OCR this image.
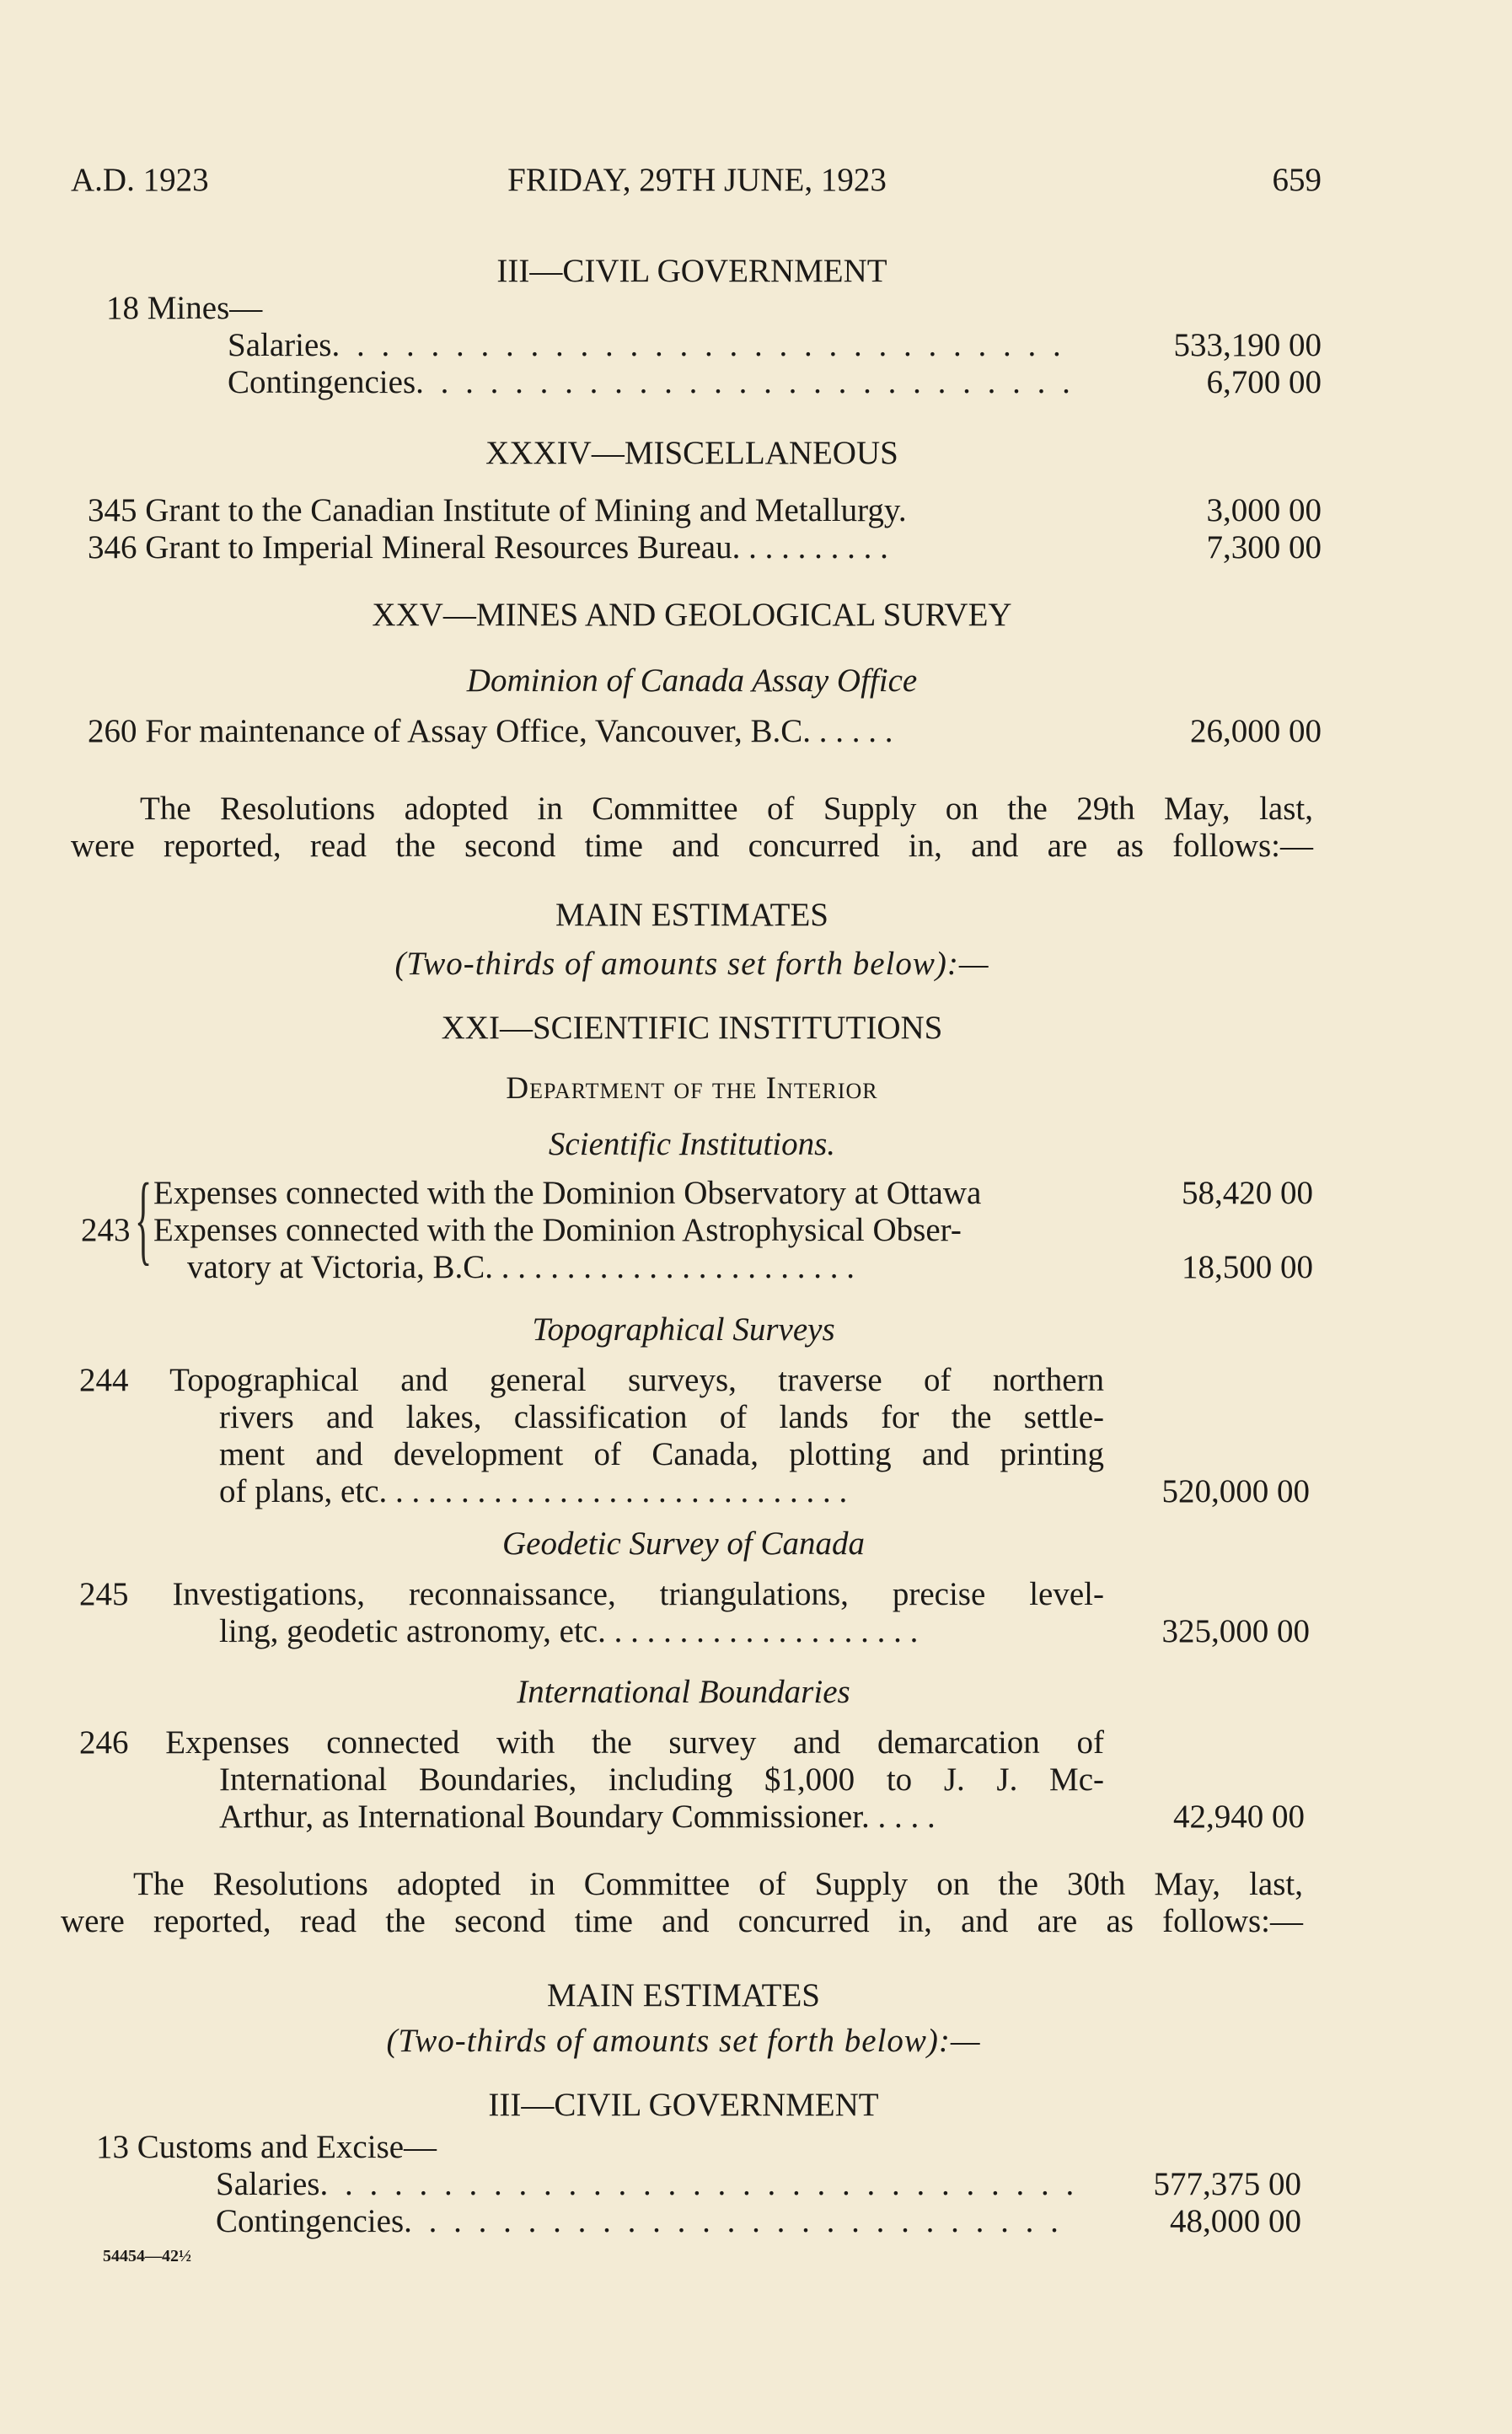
A.D. 1923	FRIDAY, 29TH JUNE, 1923	659
III—CIVIL GOVERNMENT
18 Mines—
Salaries. . . . . . . . . . . . . . . . . . . . . . . . . . . . . .	533,190 00
Contingencies. . . . . . . . . . . . . . . . . . . . . . . . . . .	6,700 00
XXXIV—MISCELLANEOUS
345 Grant to the Canadian Institute of Mining and Metallurgy.	3,000 00
346 Grant to Imperial Mineral Resources Bureau. . . . . . . . . .	7,300 00
XXV—MINES AND GEOLOGICAL SURVEY
Dominion of Canada Assay Office
260 For maintenance of Assay Office, Vancouver, B.C. . . . . .	26,000 00
The Resolutions adopted in Committee of Supply on the 29th May, last,
were reported, read the second time and concurred in, and are as follows:—
MAIN ESTIMATES
(Two-thirds of amounts set forth below):—
XXI—SCIENTIFIC INSTITUTIONS
Department of the Interior
Scientific Institutions.
{
243
Expenses connected with the Dominion Observatory at Ottawa	58,420 00
Expenses connected with the Dominion Astrophysical Obser-
vatory at Victoria, B.C. . . . . . . . . . . . . . . . . . . . . . .	18,500 00
Topographical Surveys
244 Topographical and general surveys, traverse of northern
rivers and lakes, classification of lands for the settle-
ment and development of Canada, plotting and printing
of plans, etc. . . . . . . . . . . . . . . . . . . . . . . . . . . . .	520,000 00
Geodetic Survey of Canada
245 Investigations, reconnaissance, triangulations, precise level-
ling, geodetic astronomy, etc. . . . . . . . . . . . . . . . . . . .	325,000 00
International Boundaries
246 Expenses connected with the survey and demarcation of
International Boundaries, including $1,000 to J. J. Mc-
Arthur, as International Boundary Commissioner. . . . .	42,940 00
The Resolutions adopted in Committee of Supply on the 30th May, last,
were reported, read the second time and concurred in, and are as follows:—
MAIN ESTIMATES
(Two-thirds of amounts set forth below):—
III—CIVIL GOVERNMENT
13 Customs and Excise—
Salaries. . . . . . . . . . . . . . . . . . . . . . . . . . . . . . . 577,375 00
Contingencies. . . . . . . . . . . . . . . . . . . . . . . . . . .	48,000 00
54454—42½
